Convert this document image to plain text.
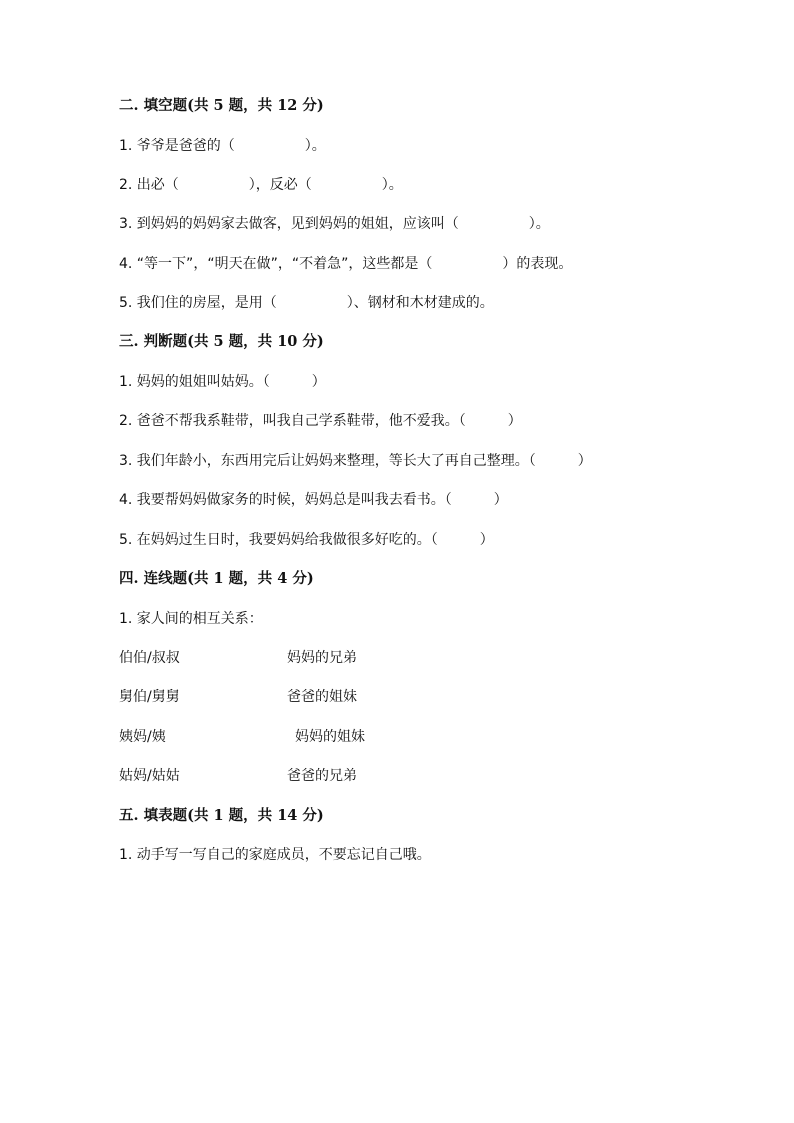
二. 填空题(共 5 题，共 12 分)
1. 爷爷是爸爸的（　　　　　）。
2. 出必（　　　　　），反必（　　　　　）。
3. 到妈妈的妈妈家去做客，见到妈妈的姐姐，应该叫（　　　　　）。
4. “等一下”，“明天在做”，“不着急”，这些都是（　　　　　）的表现。
5. 我们住的房屋，是用（　　　　　）、钢材和木材建成的。
三. 判断题(共 5 题，共 10 分)
1. 妈妈的姐姐叫姑妈。（　　　）
2. 爸爸不帮我系鞋带，叫我自己学系鞋带，他不爱我。（　　　）
3. 我们年龄小，东西用完后让妈妈来整理，等长大了再自己整理。（　　　）
4. 我要帮妈妈做家务的时候，妈妈总是叫我去看书。（　　　）
5. 在妈妈过生日时，我要妈妈给我做很多好吃的。（　　　）
四. 连线题(共 1 题，共 4 分)
1. 家人间的相互关系：
伯伯/叔叔	妈妈的兄弟
舅伯/舅舅	爸爸的姐妹
姨妈/姨	妈妈的姐妹
姑妈/姑姑	爸爸的兄弟
五. 填表题(共 1 题，共 14 分)
1. 动手写一写自己的家庭成员，不要忘记自己哦。
